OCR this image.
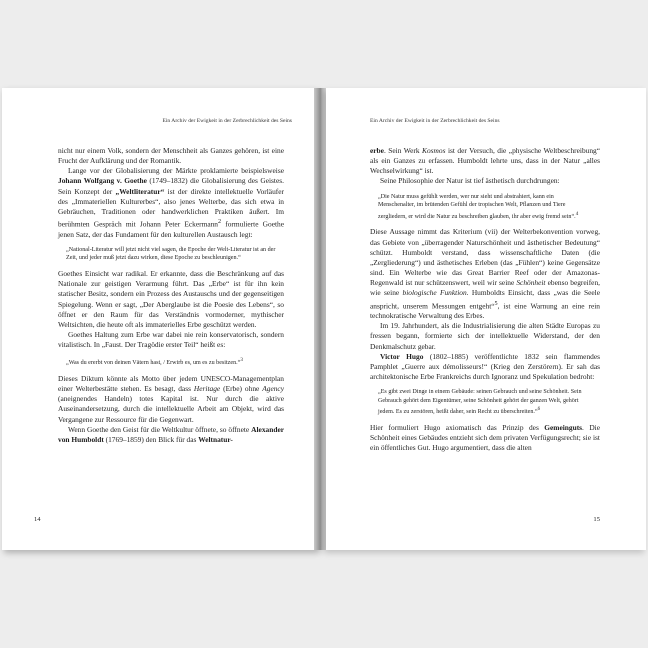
Ein Archiv der Ewigkeit in der Zerbrechlichkeit des Seins

nicht nur einem Volk, sondern der Menschheit als Ganzes gehören, ist eine Frucht der Aufklärung und der Romantik.

Lange vor der Globalisierung der Märkte proklamierte beispielsweise Johann Wolfgang v. Goethe (1749–1832) die Globalisierung des Geistes. Sein Konzept der „Weltliteratur“ ist der direkte intellektuelle Vorläufer des „Immateriellen Kulturerbes“, also jenes Welterbe, das sich etwa in Gebräuchen, Traditionen oder handwerklichen Praktiken äußert. Im berühmten Gespräch mit Johann Peter Eckermann$^2$ formulierte Goethe jenen Satz, der das Fundament für den kulturellen Austausch legt:

„National-Literatur will jetzt nicht viel sagen, die Epoche der Welt-Literatur ist an der Zeit, und jeder muß jetzt dazu wirken, diese Epoche zu beschleunigen.“

Goethes Einsicht war radikal. Er erkannte, dass die Beschränkung auf das Nationale zur geistigen Verarmung führt. Das „Erbe“ ist für ihn kein statischer Besitz, sondern ein Prozess des Austauschs und der gegenseitigen Spiegelung. Wenn er sagt, „Der Aberglaube ist die Poesie des Lebens“, so öffnet er den Raum für das Verständnis vormoderner, mythischer Weltsichten, die heute oft als immaterielles Erbe geschützt werden.

Goethes Haltung zum Erbe war dabei nie rein konservatorisch, sondern vitalistisch. In „Faust. Der Tragödie erster Teil“ heißt es:

„Was du ererbt von deinen Vätern hast, / Erwirb es, um es zu besitzen.“$^3$

Dieses Diktum könnte als Motto über jedem UNESCO-Managementplan einer Welterbestätte stehen. Es besagt, dass Heritage (Erbe) ohne Agency (aneignendes Handeln) totes Kapital ist. Nur durch die aktive Auseinandersetzung, durch die intellektuelle Arbeit am Objekt, wird das Vergangene zur Ressource für die Gegenwart.

Wenn Goethe den Geist für die Weltkultur öffnete, so öffnete Alexander von Humboldt (1769–1859) den Blick für das Weltnatur-

14
Ein Archiv der Ewigkeit in der Zerbrechlichkeit des Seins

erbe. Sein Werk Kosmos ist der Versuch, die „physische Weltbeschreibung“ als ein Ganzes zu erfassen. Humboldt lehrte uns, dass in der Natur „alles Wechselwirkung“ ist.

Seine Philosophie der Natur ist tief ästhetisch durchdrungen:

„Die Natur muss gefühlt werden, wer nur sieht und abstrahiert, kann ein Menschenalter, im brütenden Gefühl der tropischen Welt, Pflanzen und Tiere zergliedern, er wird die Natur zu beschreiben glauben, ihr aber ewig fremd sein“.$^4$

Diese Aussage nimmt das Kriterium (vii) der Welterbekonvention vorweg, das Gebiete von „überragender Naturschönheit und ästhetischer Bedeutung“ schützt. Humboldt verstand, dass wissenschaftliche Daten (die „Zergliederung“) und ästhetisches Erleben (das „Fühlen“) keine Gegensätze sind. Ein Welterbe wie das Great Barrier Reef oder der Amazonas-Regenwald ist nur schützenswert, weil wir seine Schönheit ebenso begreifen, wie seine biologische Funktion. Humboldts Einsicht, dass „was die Seele anspricht, unserem Messungen entgeht“$^5$, ist eine Warnung an eine rein technokratische Verwaltung des Erbes.

Im 19. Jahrhundert, als die Industrialisierung die alten Städte Europas zu fressen begann, formierte sich der intellektuelle Widerstand, der den Denkmalschutz gebar.

Victor Hugo (1802–1885) veröffentlichte 1832 sein flammendes Pamphlet „Guerre aux démolisseurs!“ (Krieg den Zerstörern). Er sah das architektonische Erbe Frankreichs durch Ignoranz und Spekulation bedroht:

„Es gibt zwei Dinge in einem Gebäude: seinen Gebrauch und seine Schönheit. Sein Gebrauch gehört dem Eigentümer, seine Schönheit gehört der ganzen Welt, gehört jedem. Es zu zerstören, heißt daher, sein Recht zu überschreiten.“$^6$

Hier formuliert Hugo axiomatisch das Prinzip des Gemeinguts. Die Schönheit eines Gebäudes entzieht sich dem privaten Verfügungsrecht; sie ist ein öffentliches Gut. Hugo argumentiert, dass die alten

15
